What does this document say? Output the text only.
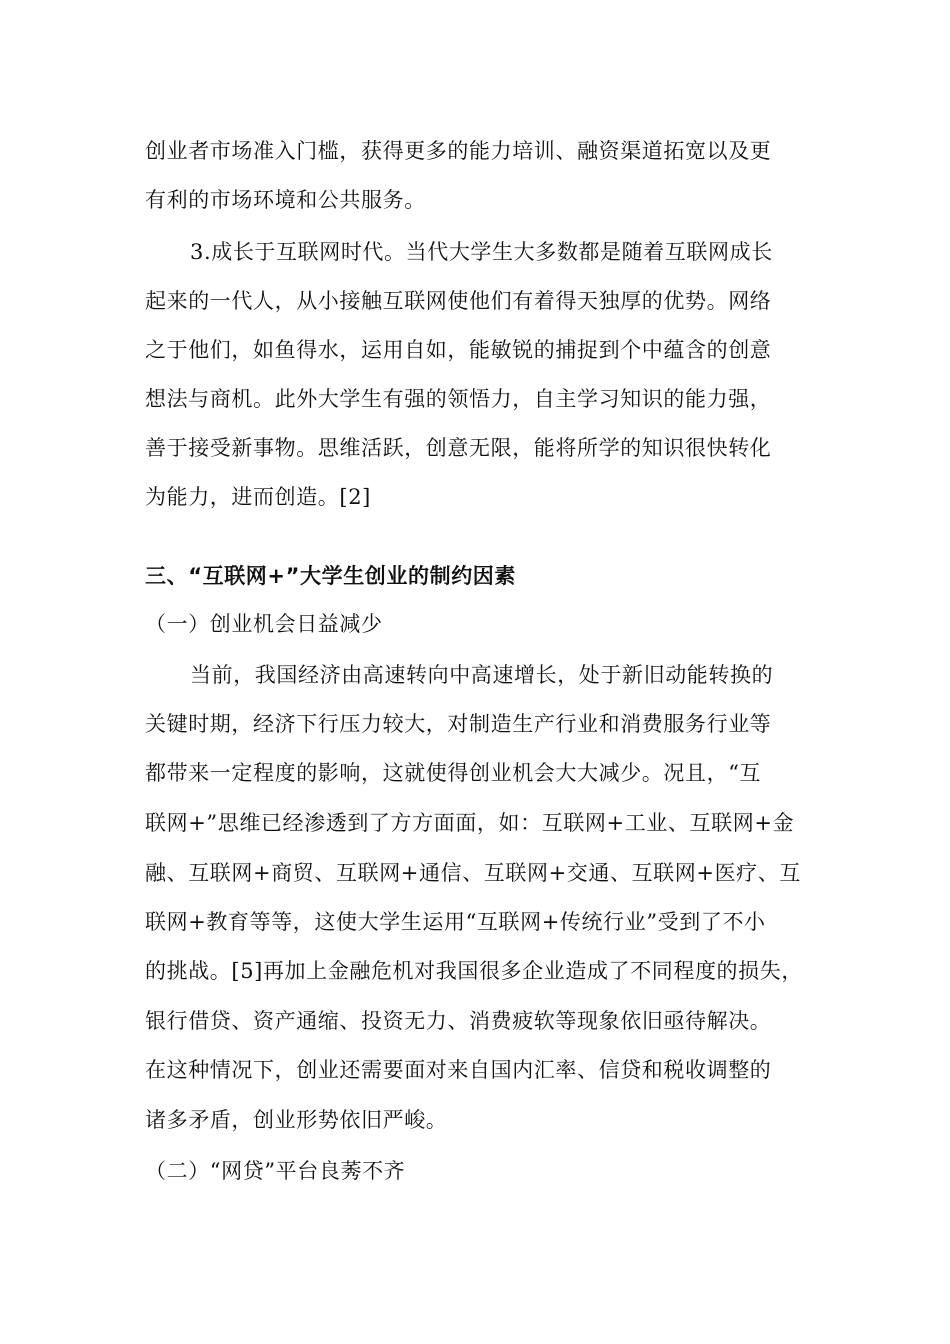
创业者市场准入门槛，获得更多的能力培训、融资渠道拓宽以及更
有利的市场环境和公共服务。
3.成长于互联网时代。当代大学生大多数都是随着互联网成长
起来的一代人，从小接触互联网使他们有着得天独厚的优势。网络
之于他们，如鱼得水，运用自如，能敏锐的捕捉到个中蕴含的创意
想法与商机。此外大学生有强的领悟力，自主学习知识的能力强，
善于接受新事物。思维活跃，创意无限，能将所学的知识很快转化
为能力，进而创造。[2]
三、“互联网+”大学生创业的制约因素
（一）创业机会日益减少
当前，我国经济由高速转向中高速增长，处于新旧动能转换的
关键时期，经济下行压力较大，对制造生产行业和消费服务行业等
都带来一定程度的影响，这就使得创业机会大大减少。况且，“互
联网+”思维已经渗透到了方方面面，如：互联网+工业、互联网+金
融、互联网+商贸、互联网+通信、互联网+交通、互联网+医疗、互
联网+教育等等，这使大学生运用“互联网+传统行业”受到了不小
的挑战。[5]再加上金融危机对我国很多企业造成了不同程度的损失，
银行借贷、资产通缩、投资无力、消费疲软等现象依旧亟待解决。
在这种情况下，创业还需要面对来自国内汇率、信贷和税收调整的
诸多矛盾，创业形势依旧严峻。
（二）“网贷”平台良莠不齐
